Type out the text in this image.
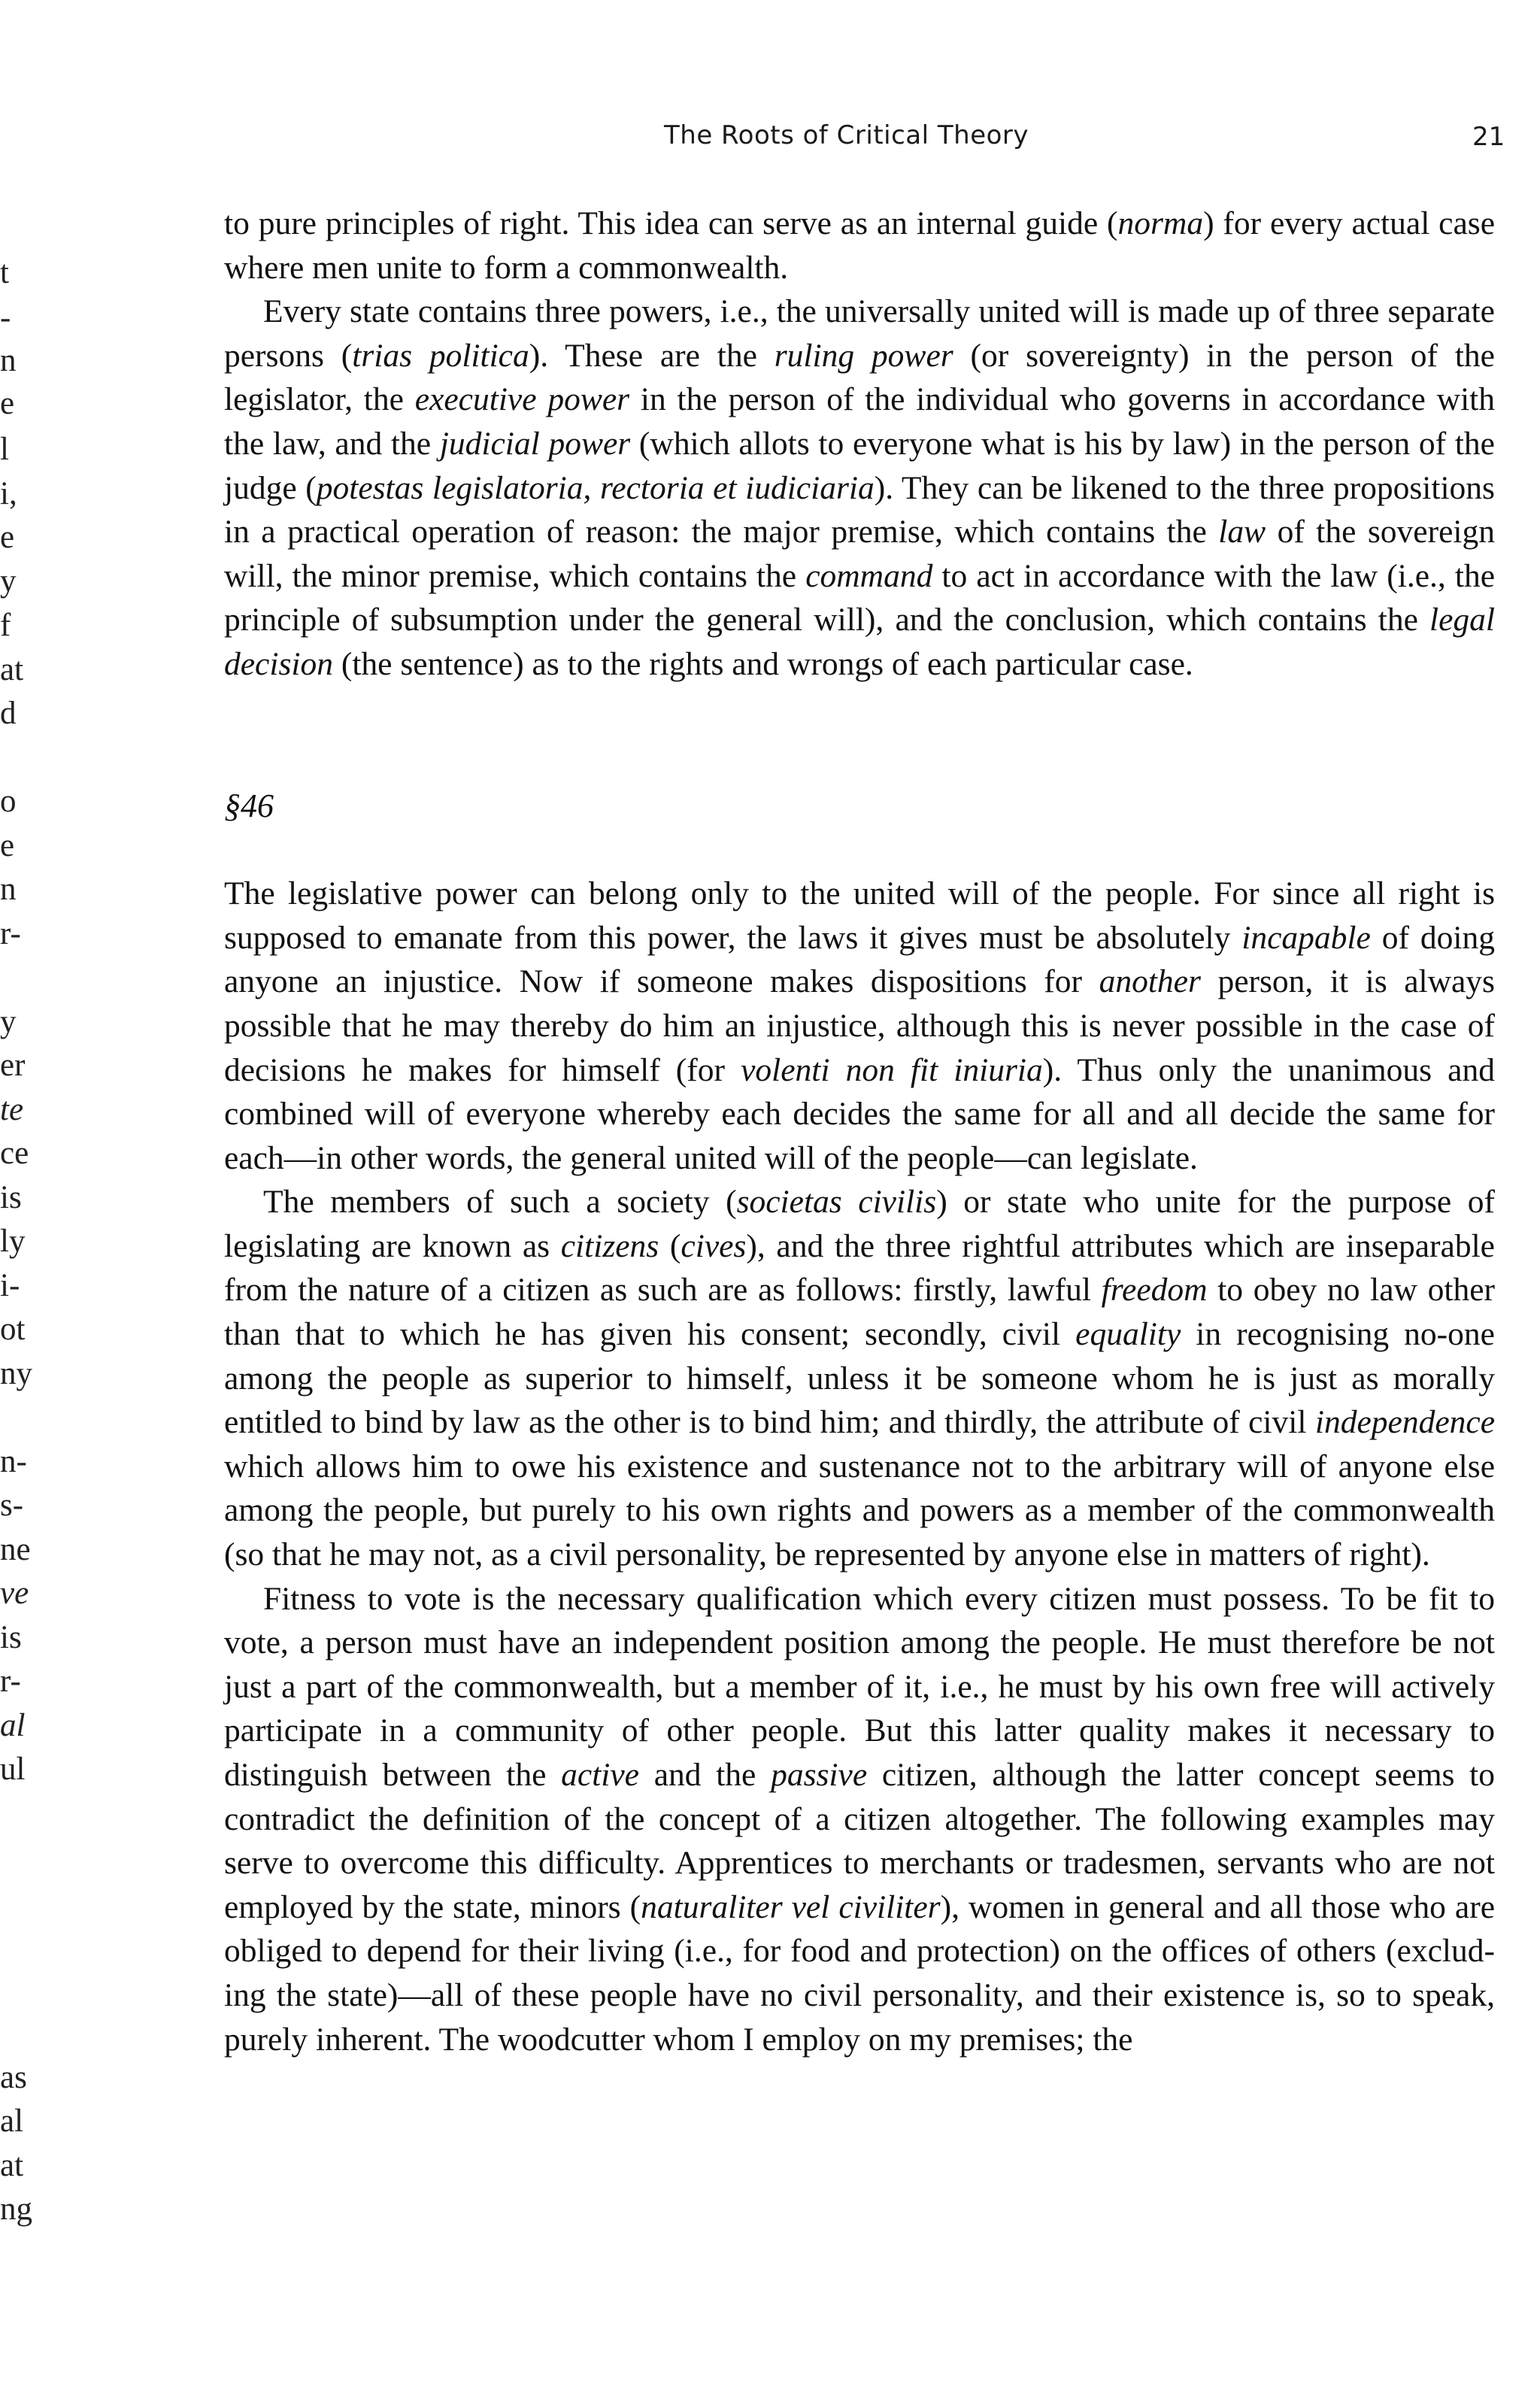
The Roots of Critical Theory	21
t
-
n
e
l
i,
e
y
f
at
d
o
e
n
r-
y
er
te
ce
is
ly
i-
ot
ny
n-
s-
ne
ve
is
r-
al
ul
as
al
at
ng

to pure principles of right. This idea can serve as an internal guide (norma) for every actual case where men unite to form a commonwealth.

Every state contains three powers, i.e., the universally united will is made up of three separate persons (trias politica). These are the ruling power (or sovereignty) in the person of the legislator, the executive power in the person of the individual who governs in accordance with the law, and the judicial power (which allots to everyone what is his by law) in the person of the judge (potestas legislatoria, rectoria et iudiciaria). They can be likened to the three propositions in a practical operation of reason: the major premise, which contains the law of the sovereign will, the minor premise, which contains the command to act in accordance with the law (i.e., the principle of subsumption under the general will), and the conclusion, which contains the legal decision (the sentence) as to the rights and wrongs of each particular case.

§46

The legislative power can belong only to the united will of the people. For since all right is supposed to emanate from this power, the laws it gives must be absolutely incapable of doing anyone an injustice. Now if someone makes dispositions for another person, it is always possible that he may thereby do him an injustice, although this is never possible in the case of decisions he makes for himself (for volenti non fit iniuria). Thus only the unanimous and combined will of everyone whereby each decides the same for all and all decide the same for each—in other words, the general united will of the people—can legislate.

The members of such a society (societas civilis) or state who unite for the purpose of legislating are known as citizens (cives), and the three rightful attributes which are inseparable from the nature of a citizen as such are as follows: firstly, lawful freedom to obey no law other than that to which he has given his consent; secondly, civil equality in recognising no-one among the people as superior to himself, unless it be someone whom he is just as morally entitled to bind by law as the other is to bind him; and thirdly, the attribute of civil independence which allows him to owe his existence and sustenance not to the arbitrary will of anyone else among the people, but purely to his own rights and powers as a member of the commonwealth (so that he may not, as a civil personality, be represented by anyone else in matters of right).

Fitness to vote is the necessary qualification which every citizen must possess. To be fit to vote, a person must have an independent position among the people. He must therefore be not just a part of the commonwealth, but a member of it, i.e., he must by his own free will actively participate in a community of other people. But this latter quality makes it necessary to distinguish between the active and the passive citizen, although the latter concept seems to contradict the definition of the concept of a citizen altogether. The following examples may serve to overcome this difficulty. Apprentices to merchants or tradesmen, servants who are not employed by the state, minors (naturaliter vel civiliter), women in general and all those who are obliged to depend for their living (i.e., for food and protection) on the offices of others (excluding the state)—all of these people have no civil personality, and their existence is, so to speak, purely inherent. The woodcutter whom I employ on my premises; the
